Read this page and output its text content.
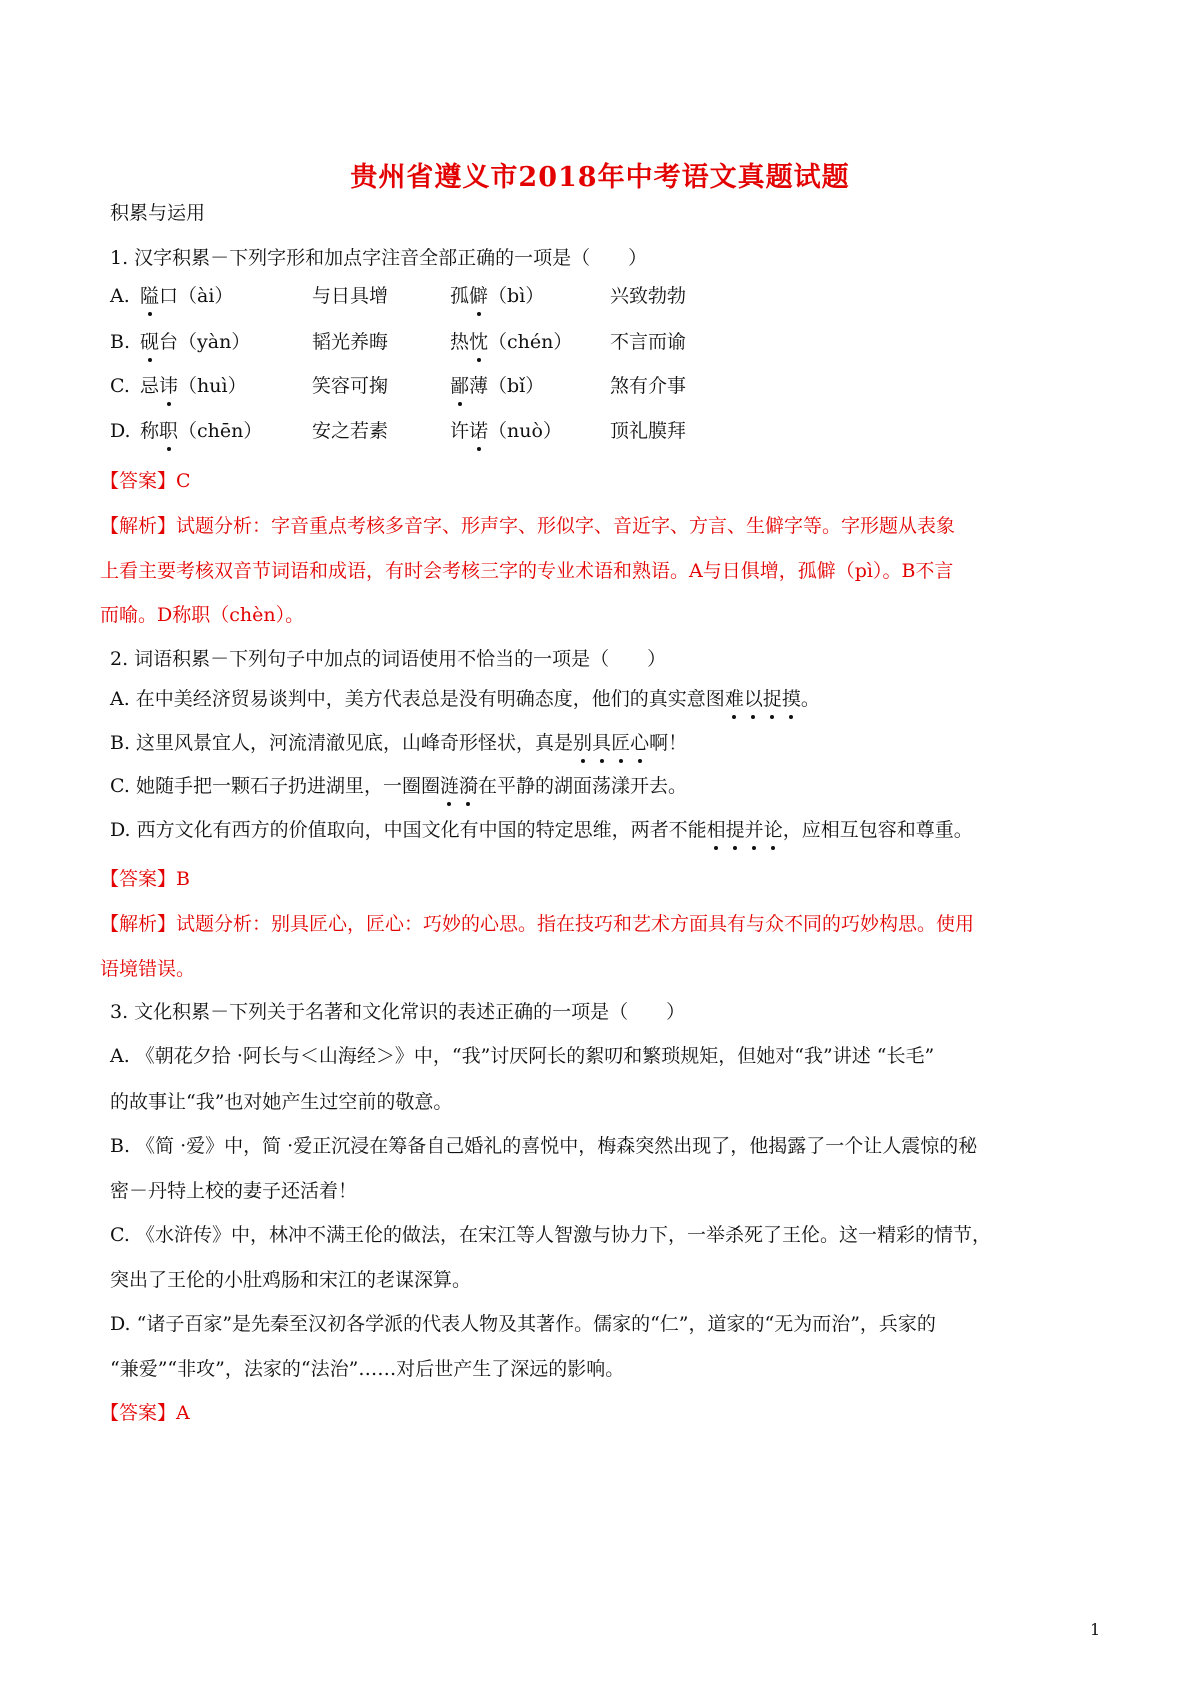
贵州省遵义市2018年中考语文真题试题
积累与运用
1. 汉字积累－下列字形和加点字注音全部正确的一项是（　　）
A. 隘口（ài）	与日具增	孤僻（bì）	兴致勃勃
B. 砚台（yàn）	韬光养晦	热忱（chén） 不言而谕
C. 忌讳（huì）	笑容可掬	鄙薄（bǐ）	煞有介事
D. 称职（chēn）	安之若素	许诺（nuò）	顶礼膜拜
【答案】C
【解析】试题分析：字音重点考核多音字、形声字、形似字、音近字、方言、生僻字等。字形题从表象
上看主要考核双音节词语和成语，有时会考核三字的专业术语和熟语。A与日俱增，孤僻（pì）。B不言
而喻。D称职（chèn）。
2. 词语积累－下列句子中加点的词语使用不恰当的一项是（　　）
A. 在中美经济贸易谈判中，美方代表总是没有明确态度，他们的真实意图难以捉摸。
B. 这里风景宜人，河流清澈见底，山峰奇形怪状，真是别具匠心啊！
C. 她随手把一颗石子扔进湖里，一圈圈涟漪在平静的湖面荡漾开去。
D. 西方文化有西方的价值取向，中国文化有中国的特定思维，两者不能相提并论，应相互包容和尊重。
【答案】B
【解析】试题分析：别具匠心，匠心：巧妙的心思。指在技巧和艺术方面具有与众不同的巧妙构思。使用
语境错误。
3. 文化积累－下列关于名著和文化常识的表述正确的一项是（　　）
A. 《朝花夕拾 ·阿长与＜山海经＞》中，“我”讨厌阿长的絮叨和繁琐规矩，但她对“我”讲述 “长毛”
的故事让“我”也对她产生过空前的敬意。
B. 《简 ·爱》中，简 ·爱正沉浸在筹备自己婚礼的喜悦中，梅森突然出现了，他揭露了一个让人震惊的秘
密－丹特上校的妻子还活着！
C. 《水浒传》中，林冲不满王伦的做法，在宋江等人智激与协力下，一举杀死了王伦。这一精彩的情节，
突出了王伦的小肚鸡肠和宋江的老谋深算。
D. “诸子百家”是先秦至汉初各学派的代表人物及其著作。儒家的“仁”，道家的“无为而治”，兵家的
“兼爱”“非攻”，法家的“法治”……对后世产生了深远的影响。
【答案】A
1
